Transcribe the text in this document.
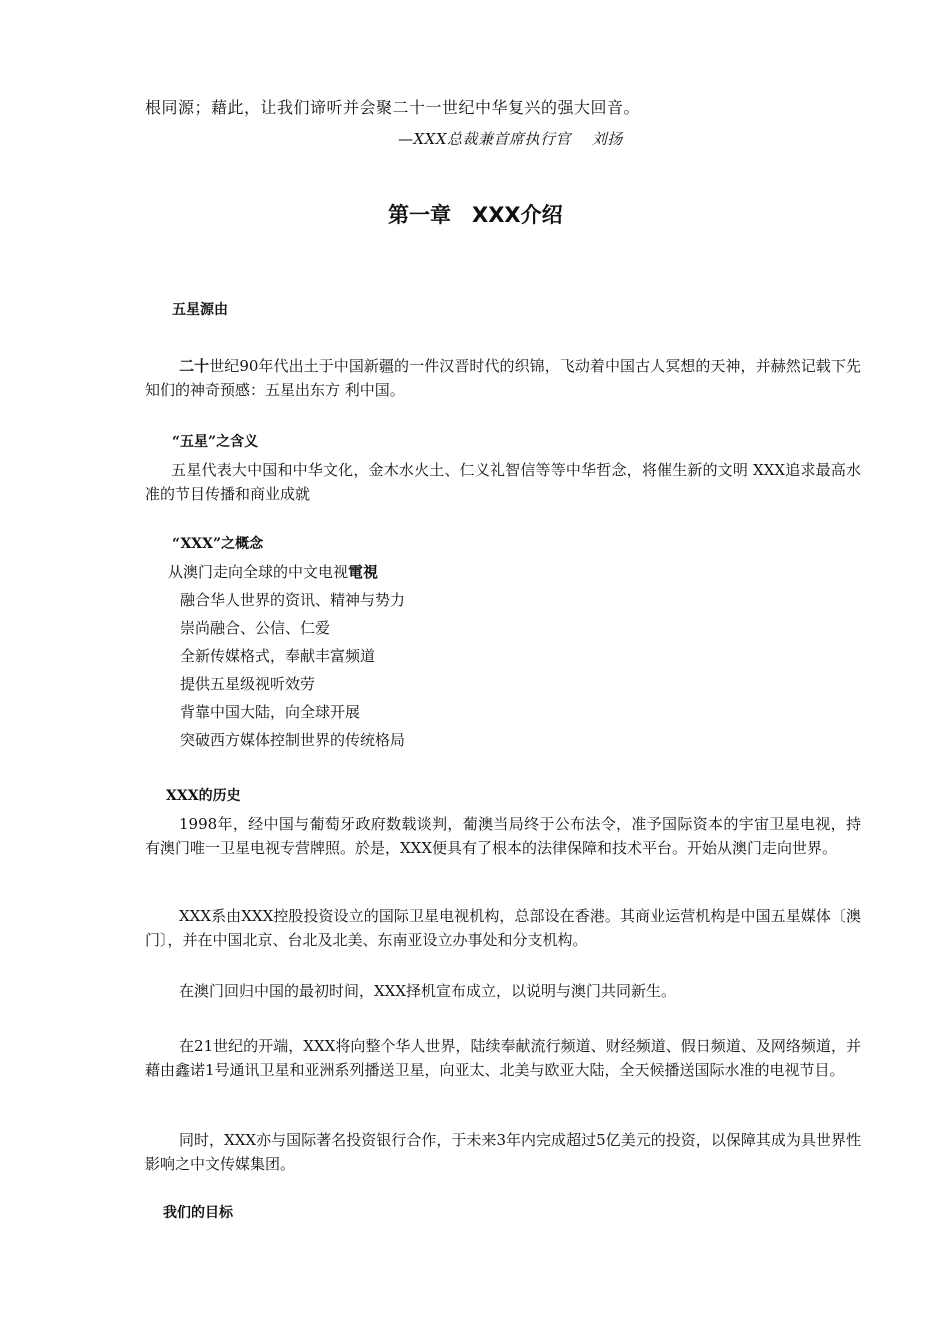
根同源；藉此，让我们谛听并会聚二十一世纪中华复兴的强大回音。
—XXX总裁兼首席执行官　 刘扬
第一章　XXX介绍
五星源由
二十世纪90年代出土于中国新疆的一件汉晋时代的织锦，飞动着中国古人冥想的天神，并赫然记载下先知们的神奇预感：五星出东方 利中国。
“五星”之含义
五星代表大中国和中华文化，金木水火土、仁义礼智信等等中华哲念，将催生新的文明 XXX追求最高水准的节目传播和商业成就
“XXX”之概念
从澳门走向全球的中文电视電視
融合华人世界的资讯、精神与势力
崇尚融合、公信、仁爱
全新传媒格式，奉献丰富频道
提供五星级视听效劳
背靠中国大陆，向全球开展
突破西方媒体控制世界的传统格局
XXX的历史
1998年，经中国与葡萄牙政府数载谈判，葡澳当局终于公布法令，准予国际资本的宇宙卫星电视，持有澳门唯一卫星电视专营牌照。於是，XXX便具有了根本的法律保障和技术平台。开始从澳门走向世界。
XXX系由XXX控股投资设立的国际卫星电视机构，总部设在香港。其商业运营机构是中国五星媒体〔澳门〕，并在中国北京、台北及北美、东南亚设立办事处和分支机构。
在澳门回归中国的最初时间，XXX择机宣布成立，以说明与澳门共同新生。
在21世纪的开端，XXX将向整个华人世界，陆续奉献流行频道、财经频道、假日频道、及网络频道，并藉由鑫诺1号通讯卫星和亚洲系列播送卫星，向亚太、北美与欧亚大陆，全天候播送国际水准的电视节目。
同时，XXX亦与国际著名投资银行合作，于未来3年内完成超过5亿美元的投资，以保障其成为具世界性影响之中文传媒集团。
我们的目标
